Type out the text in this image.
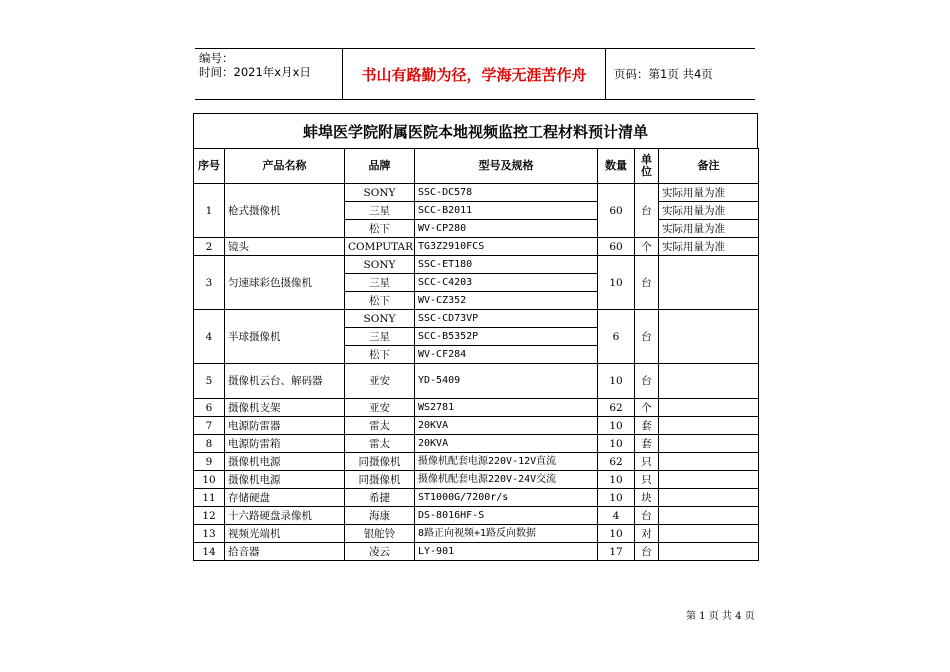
编号：
时间：2021年x月x日	书山有路勤为径，学海无涯苦作舟	页码：第1页 共4页
蚌埠医学院附属医院本地视频监控工程材料预计清单
序号	产品名称	品牌	型号及规格	数量	单位	备注
1	枪式摄像机	SONY	SSC-DC578	60	台	实际用量为准
		三星	SCC-B2011			实际用量为准
		松下	WV-CP280			实际用量为准
2	镜头	COMPUTAR	TG3Z2910FCS	60	个	实际用量为准
3	匀速球彩色摄像机	SONY	SSC-ET180	10	台	
		三星	SCC-C4203			
		松下	WV-CZ352			
4	半球摄像机	SONY	SSC-CD73VP	6	台	
		三星	SCC-B5352P			
		松下	WV-CF284			
5	摄像机云台、解码器	亚安	YD-5409	10	台	
6	摄像机支架	亚安	WS2781	62	个	
7	电源防雷器	雷太	20KVA	10	套	
8	电源防雷箱	雷太	20KVA	10	套	
9	摄像机电源	同摄像机	摄像机配套电源220V-12V直流	62	只	
10	摄像机电源	同摄像机	摄像机配套电源220V-24V交流	10	只	
11	存储硬盘	希捷	ST1000G/7200r/s	10	块	
12	十六路硬盘录像机	海康	DS-8016HF-S	4	台	
13	视频光端机	银舵铃	8路正向视频+1路反向数据	10	对	
14	拾音器	凌云	LY-901	17	台	
第 1 页 共 4 页
